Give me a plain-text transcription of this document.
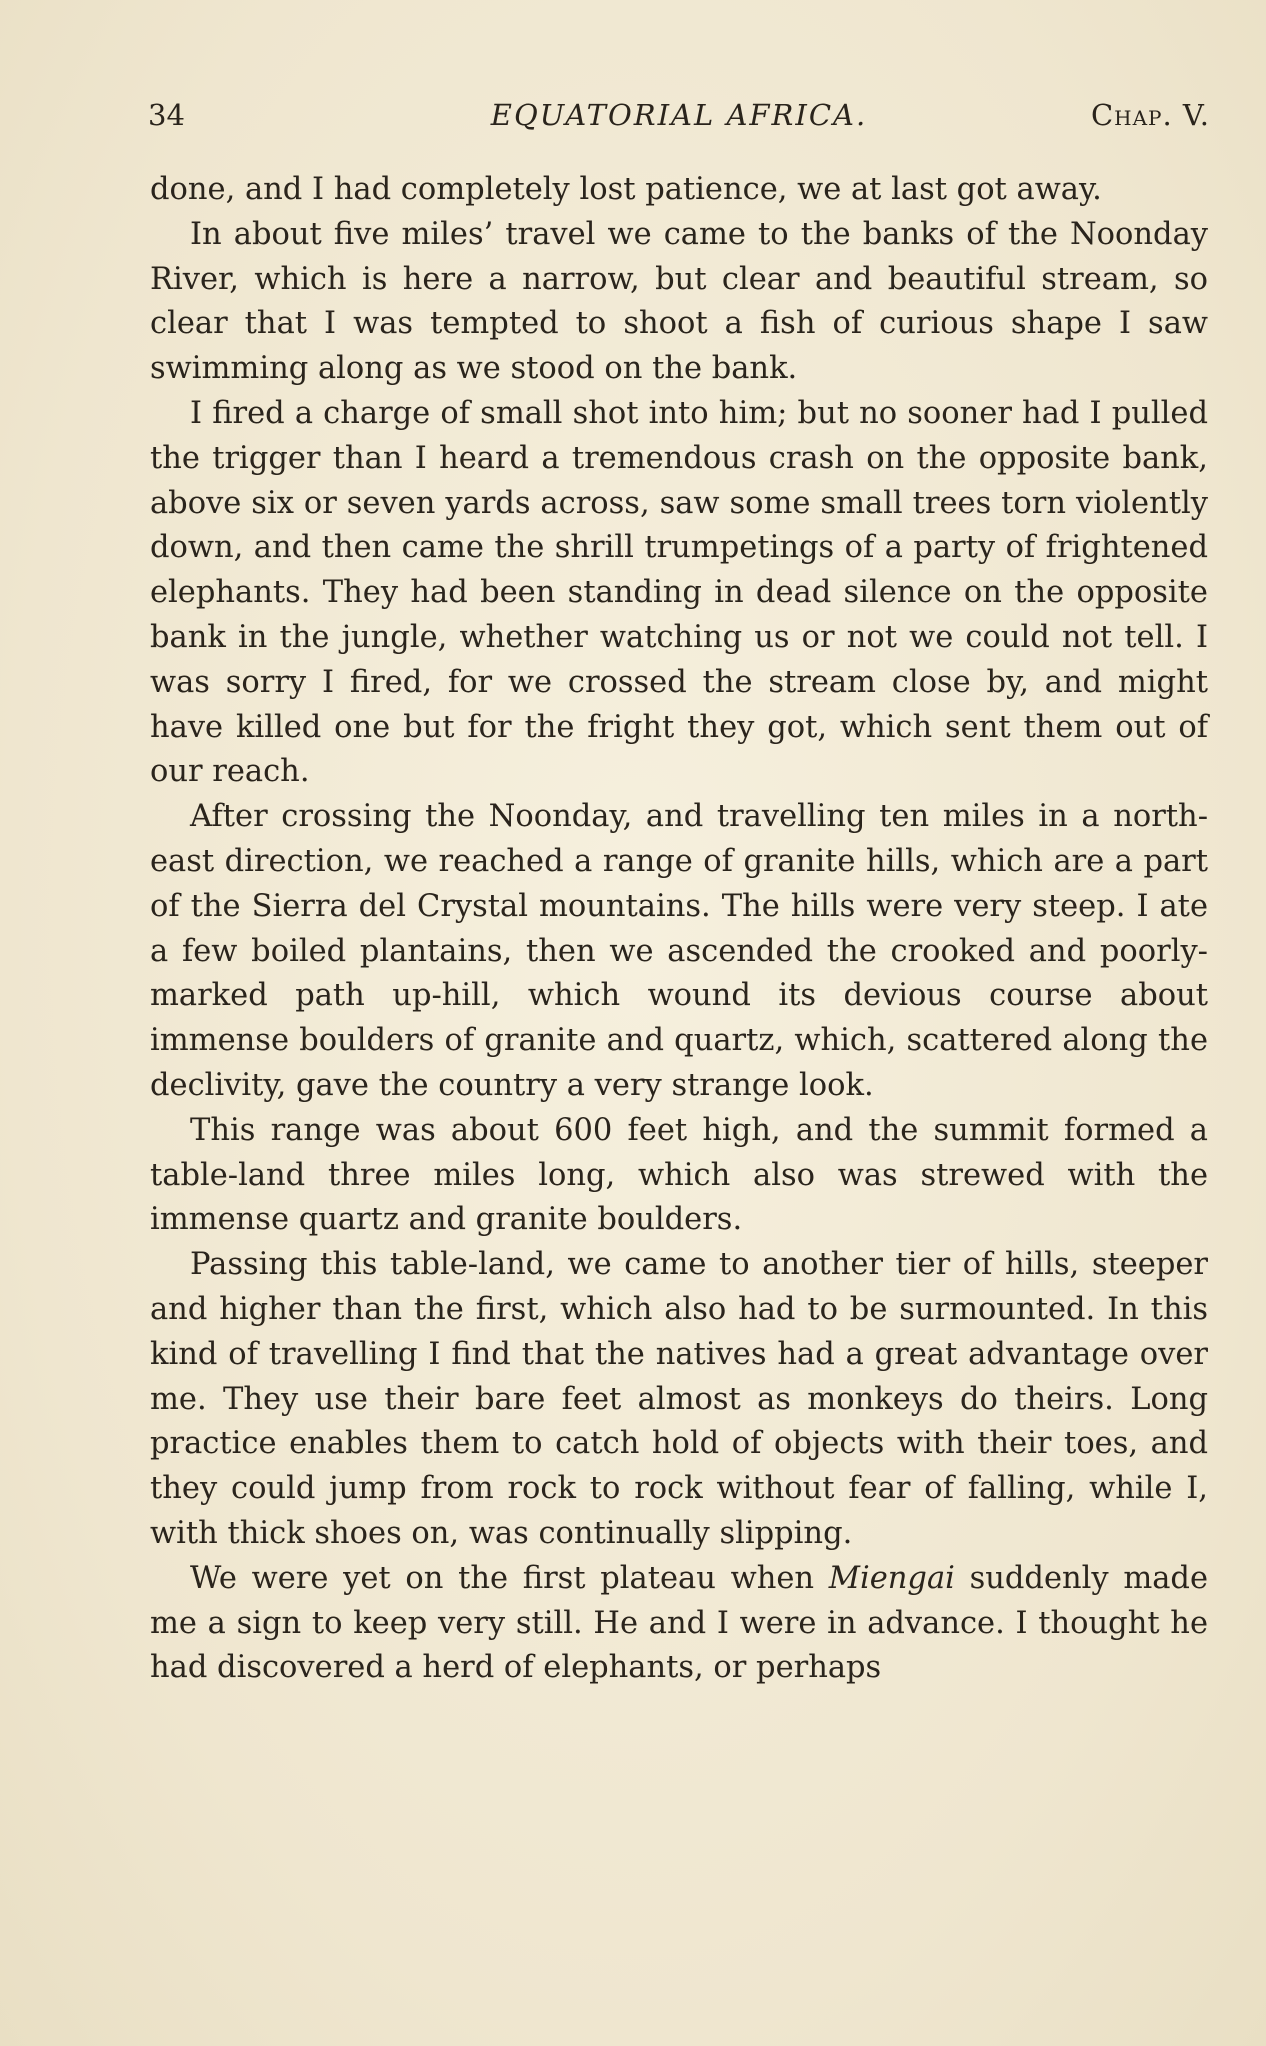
34	EQUATORIAL AFRICA.	Chap. V.

done, and I had completely lost patience, we at last got away.

In about five miles’ travel we came to the banks of the Noonday River, which is here a narrow, but clear and beautiful stream, so clear that I was tempted to shoot a fish of curious shape I saw swimming along as we stood on the bank.

I fired a charge of small shot into him; but no sooner had I pulled the trigger than I heard a tremendous crash on the opposite bank, above six or seven yards across, saw some small trees torn violently down, and then came the shrill trumpetings of a party of frightened elephants. They had been standing in dead silence on the opposite bank in the jungle, whether watching us or not we could not tell. I was sorry I fired, for we crossed the stream close by, and might have killed one but for the fright they got, which sent them out of our reach.

After crossing the Noonday, and travelling ten miles in a north-east direction, we reached a range of granite hills, which are a part of the Sierra del Crystal mountains. The hills were very steep. I ate a few boiled plantains, then we ascended the crooked and poorly-marked path up-hill, which wound its devious course about immense boulders of granite and quartz, which, scattered along the declivity, gave the country a very strange look.

This range was about 600 feet high, and the summit formed a table-land three miles long, which also was strewed with the immense quartz and granite boulders.

Passing this table-land, we came to another tier of hills, steeper and higher than the first, which also had to be surmounted. In this kind of travelling I find that the natives had a great advantage over me. They use their bare feet almost as monkeys do theirs. Long practice enables them to catch hold of objects with their toes, and they could jump from rock to rock without fear of falling, while I, with thick shoes on, was continually slipping.

We were yet on the first plateau when Miengai suddenly made me a sign to keep very still. He and I were in advance. I thought he had discovered a herd of elephants, or perhaps
